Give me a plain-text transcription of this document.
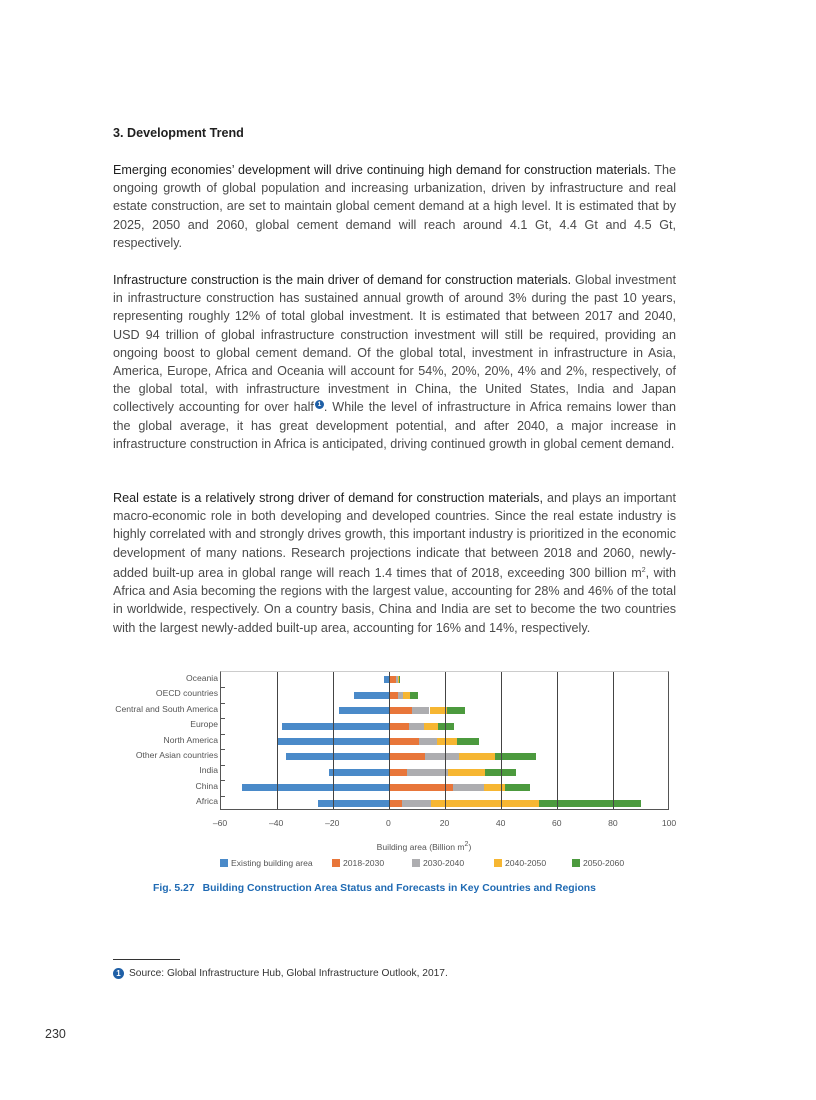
3. Development Trend
Emerging economies’ development will drive continuing high demand for construction materials. The ongoing growth of global population and increasing urbanization, driven by infrastructure and real estate construction, are set to maintain global cement demand at a high level. It is estimated that by 2025, 2050 and 2060, global cement demand will reach around 4.1 Gt, 4.4 Gt and 4.5 Gt, respectively.
Infrastructure construction is the main driver of demand for construction materials. Global investment in infrastructure construction has sustained annual growth of around 3% during the past 10 years, representing roughly 12% of total global investment. It is estimated that between 2017 and 2040, USD 94 trillion of global infrastructure construction investment will still be required, providing an ongoing boost to global cement demand. Of the global total, investment in infrastructure in Asia, America, Europe, Africa and Oceania will account for 54%, 20%, 20%, 4% and 2%, respectively, of the global total, with infrastructure investment in China, the United States, India and Japan collectively accounting for over half 1 . While the level of infrastructure in Africa remains lower than the global average, it has great development potential, and after 2040, a major increase in infrastructure construction in Africa is anticipated, driving continued growth in global cement demand.
Real estate is a relatively strong driver of demand for construction materials, and plays an important macro-economic role in both developing and developed countries. Since the real estate industry is highly correlated with and strongly drives growth, this important industry is prioritized in the economic development of many nations. Research projections indicate that between 2018 and 2060, newly-added built-up area in global range will reach 1.4 times that of 2018, exceeding 300 billion $m^2$, with Africa and Asia becoming the regions with the largest value, accounting for 28% and 46% of the total in worldwide, respectively. On a country basis, China and India are set to become the two countries with the largest newly-added built-up area, accounting for 16% and 14%, respectively.
Oceania
OECD countries
Central and South America
Europe
North America
Other Asian countries
India
China
Africa
–60	–40	–20	0	20	40	60	80	100
Building area (Billion $m^2$)
Existing building area	2018-2030	2030-2040	2040-2050	2050-2060
Fig. 5.27 Building Construction Area Status and Forecasts in Key Countries and Regions
1 Source: Global Infrastructure Hub, Global Infrastructure Outlook, 2017.
230
